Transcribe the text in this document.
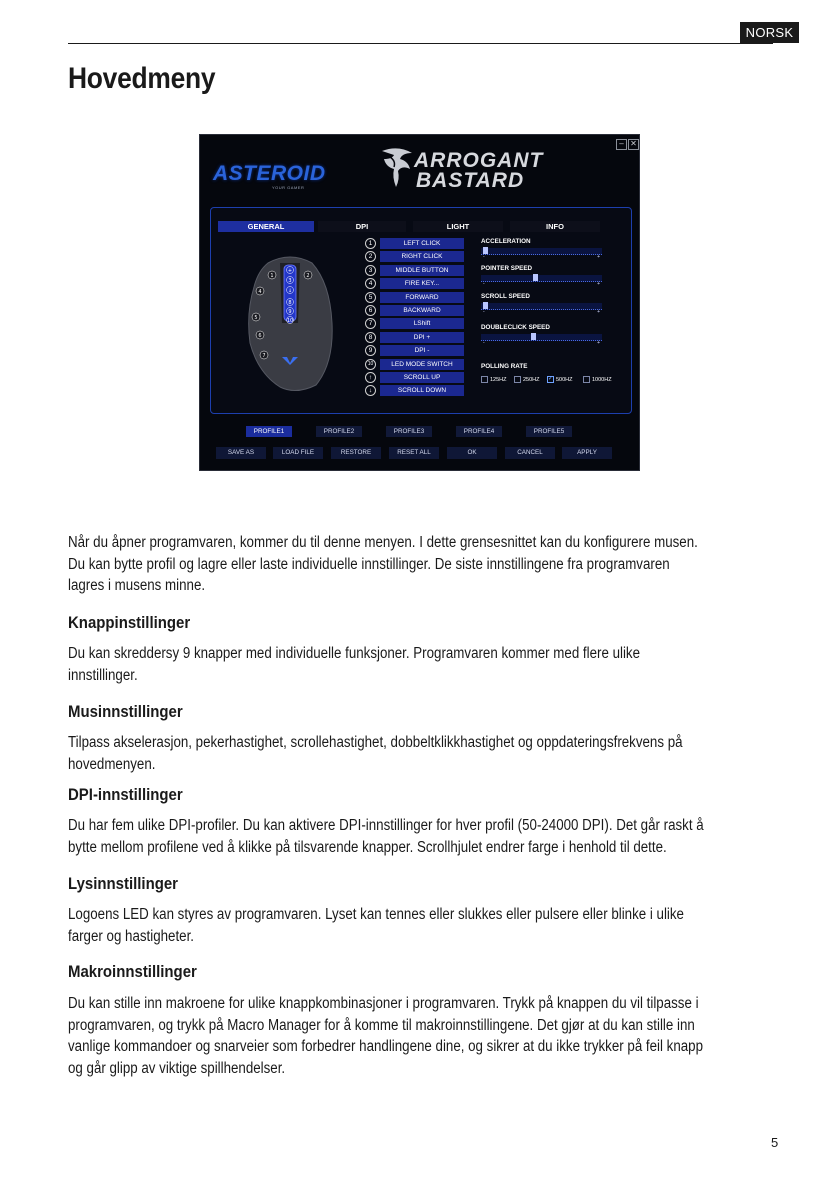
NORSK
Hovedmeny
– ✕
ASTEROID
YOUR GAMER
ARROGANT
BASTARD
GENERAL	DPI	LIGHT	INFO
+
3
↓
8
9
10
1	2
4
5
6
7
1	LEFT CLICK
2	RIGHT CLICK
3	MIDDLE BUTTON
4	FIRE KEY...
5	FORWARD
6	BACKWARD
7	LShift
8	DPI +
9	DPI -
10	LED MODE SWITCH
↑	SCROLL UP
↓	SCROLL DOWN
ACCELERATION
-	+
POINTER SPEED
-	+
SCROLL SPEED
-	+
DOUBLECLICK SPEED
-	+
POLLING RATE
125HZ	250HZ ✓ 500HZ	1000HZ
PROFILE1	PROFILE2	PROFILE3	PROFILE4	PROFILE5
SAVE AS	LOAD FILE	RESTORE	RESET ALL	OK	CANCEL	APPLY

Når du åpner programvaren, kommer du til denne menyen. I dette grensesnittet kan du konfigurere musen.

Du kan bytte profil og lagre eller laste individuelle innstillinger. De siste innstillingene fra programvaren

lagres i musens minne.

Knappinstillinger

Du kan skreddersy 9 knapper med individuelle funksjoner. Programvaren kommer med flere ulike

innstillinger.

Musinnstillinger

Tilpass akselerasjon, pekerhastighet, scrollehastighet, dobbeltklikkhastighet og oppdateringsfrekvens på

hovedmenyen.

DPI-innstillinger

Du har fem ulike DPI-profiler. Du kan aktivere DPI-innstillinger for hver profil (50-24000 DPI). Det går raskt å

bytte mellom profilene ved å klikke på tilsvarende knapper. Scrollhjulet endrer farge i henhold til dette.

Lysinnstillinger

Logoens LED kan styres av programvaren. Lyset kan tennes eller slukkes eller pulsere eller blinke i ulike

farger og hastigheter.

Makroinnstillinger

Du kan stille inn makroene for ulike knappkombinasjoner i programvaren. Trykk på knappen du vil tilpasse i

programvaren, og trykk på Macro Manager for å komme til makroinnstillingene. Det gjør at du kan stille inn

vanlige kommandoer og snarveier som forbedrer handlingene dine, og sikrer at du ikke trykker på feil knapp

og går glipp av viktige spillhendelser.

5
